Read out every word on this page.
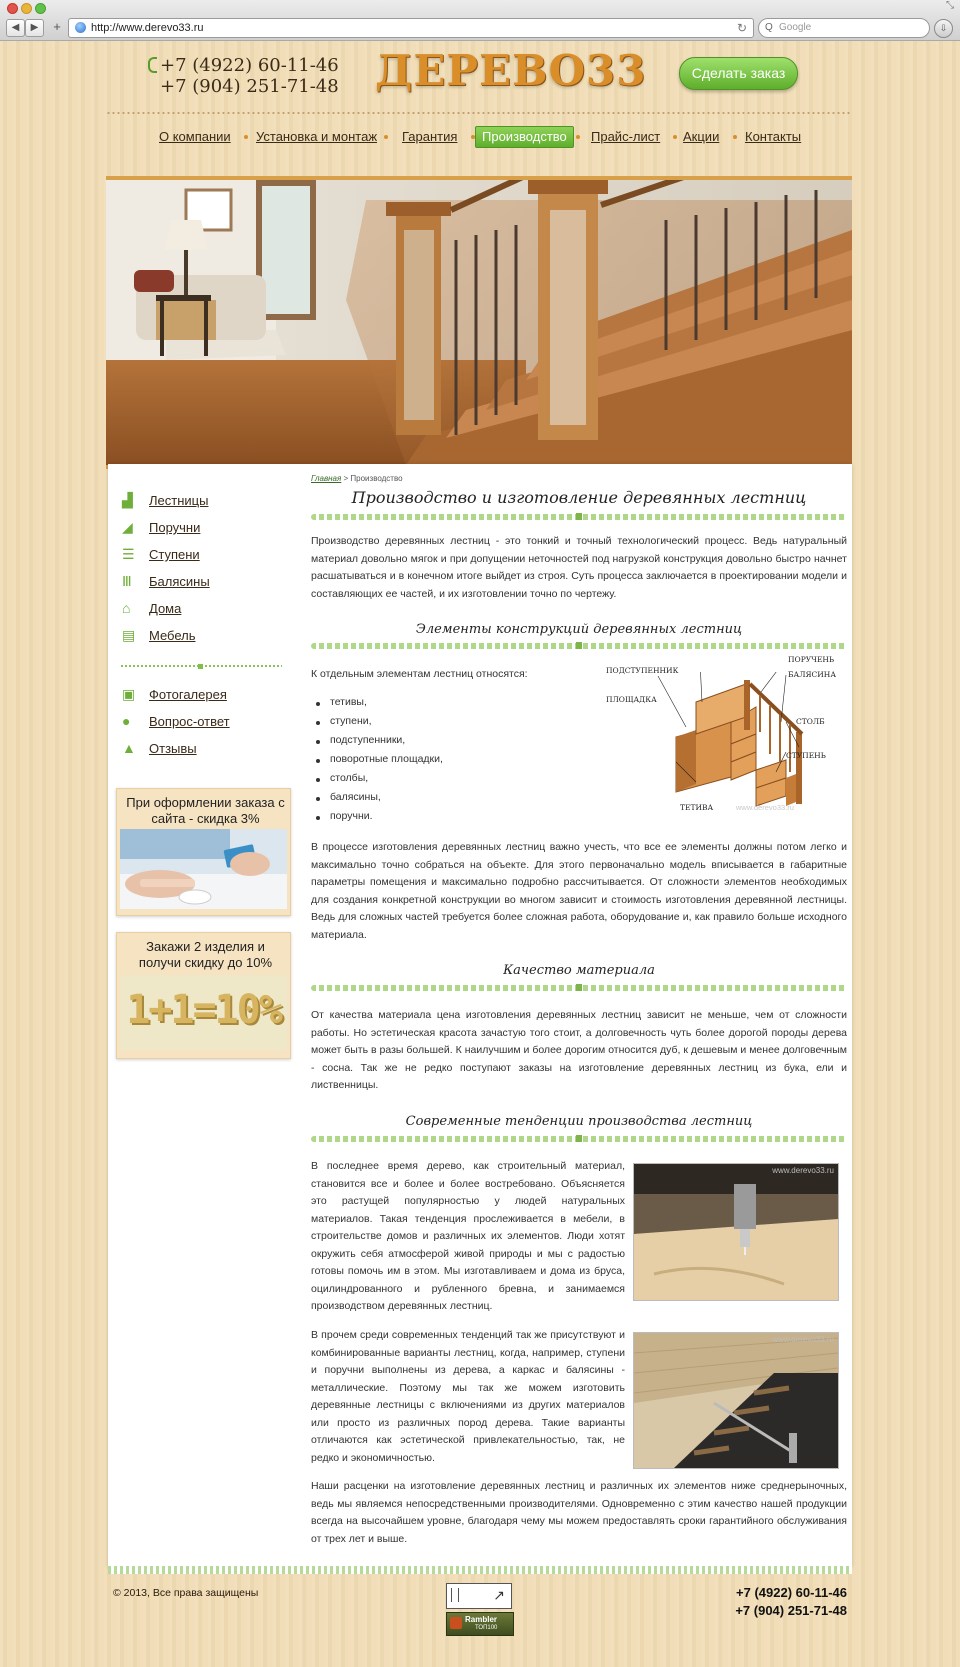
⤡
◀	▶	+	http://www.derevo33.ru	↻ Q Google	⇩
+7 (4922) 60-11-46
+7 (904) 251-71-48 ДЕРЕВО33	Сделать заказ
О компании Установка и монтаж Гарантия	Производство	Прайс-лист Акции Контакты
▟	Лестницы
◢	Поручни
☰ Ступени
Ⅲ	Балясины
⌂	Дома
▤ Мебель
▣ Фотогалерея
●	Вопрос-ответ
▲ Отзывы
При оформлении заказа с сайта - скидка 3%
Закажи 2 изделия и получи скидку до 10%
1+1=10%
Главная > Производство
Производство и изготовление деревянных лестниц
Производство деревянных лестниц - это тонкий и точный технологический процесс. Ведь натуральный материал довольно мягок и при допущении неточностей под нагрузкой конструкция довольно быстро начнет расшатываться и в конечном итоге выйдет из строя. Суть процесса заключается в проектировании модели и составляющих ее частей, и их изготовлении точно по чертежу.
Элементы конструкций деревянных лестниц
К отдельным элементам лестниц относятся:
тетивы,
ступени,
подступенники,
поворотные площадки,
столбы,
балясины,
поручни.
ПОДСТУПЕННИК
ПЛОЩАДКА
ПОРУЧЕНЬ
БАЛЯСИНА
СТОЛБ
СТУПЕНЬ
ТЕТИВА	www.derevo33.ru
В процессе изготовления деревянных лестниц важно учесть, что все ее элементы должны потом легко и максимально точно собраться на объекте. Для этого первоначально модель вписывается в габаритные параметры помещения и максимально подробно рассчитывается. От сложности элементов необходимых для создания конкретной конструкции во многом зависит и стоимость изготовления деревянной лестницы. Ведь для сложных частей требуется более сложная работа, оборудование и, как правило больше исходного материала.
Качество материала
От качества материала цена изготовления деревянных лестниц зависит не меньше, чем от сложности работы. Но эстетическая красота зачастую того стоит, а долговечность чуть более дорогой породы дерева может быть в разы большей. К наилучшим и более дорогим относится дуб, к дешевым и менее долговечным - сосна. Так же не редко поступают заказы на изготовление деревянных лестниц из бука, ели и лиственницы.
Современные тенденции производства лестниц
В последнее время дерево, как строительный материал, становится все и более и более востребовано. Объясняется это растущей популярностью у людей натуральных материалов. Такая тенденция прослеживается в мебели, в строительстве домов и различных их элементов. Люди хотят окружить себя атмосферой живой природы и мы с радостью готовы помочь им в этом. Мы изготавливаем и дома из бруса, оцилиндрованного и рубленного бревна, и занимаемся производством деревянных лестниц.
www.derevo33.ru
В прочем среди современных тенденций так же присутствуют и комбинированные варианты лестниц, когда, например, ступени и поручни выполнены из дерева, а каркас и балясины - металлические. Поэтому мы так же можем изготовить деревянные лестницы с включениями из других материалов или просто из различных пород дерева. Такие варианты отличаются как эстетической привлекательностью, так, не редко и экономичностью.
www.derevo33.ru
Наши расценки на изготовление деревянных лестниц и различных их элементов ниже среднерыночных, ведь мы являемся непосредственными производителями. Одновременно с этим качество нашей продукции всегда на высочайшем уровне, благодаря чему мы можем предоставлять сроки гарантийного обслуживания от трех лет и выше.
© 2013, Все права защищены	↗
Rambler
ТОП100
+7 (4922) 60-11-46
+7 (904) 251-71-48
